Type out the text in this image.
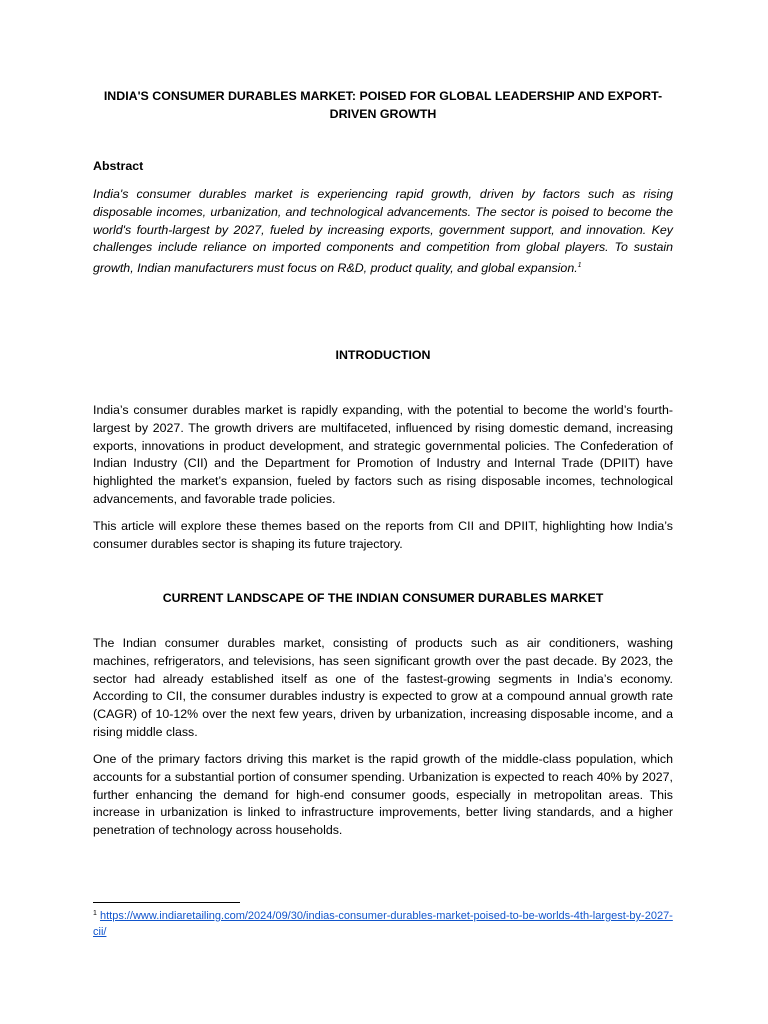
INDIA'S CONSUMER DURABLES MARKET: POISED FOR GLOBAL LEADERSHIP AND EXPORT-DRIVEN GROWTH
Abstract
India's consumer durables market is experiencing rapid growth, driven by factors such as rising disposable incomes, urbanization, and technological advancements. The sector is poised to become the world's fourth-largest by 2027, fueled by increasing exports, government support, and innovation. Key challenges include reliance on imported components and competition from global players. To sustain growth, Indian manufacturers must focus on R&D, product quality, and global expansion.$^1$
INTRODUCTION

India’s consumer durables market is rapidly expanding, with the potential to become the world’s fourth-largest by 2027. The growth drivers are multifaceted, influenced by rising domestic demand, increasing exports, innovations in product development, and strategic governmental policies. The Confederation of Indian Industry (CII) and the Department for Promotion of Industry and Internal Trade (DPIIT) have highlighted the market’s expansion, fueled by factors such as rising disposable incomes, technological advancements, and favorable trade policies.

This article will explore these themes based on the reports from CII and DPIIT, highlighting how India’s consumer durables sector is shaping its future trajectory.

CURRENT LANDSCAPE OF THE INDIAN CONSUMER DURABLES MARKET

The Indian consumer durables market, consisting of products such as air conditioners, washing machines, refrigerators, and televisions, has seen significant growth over the past decade. By 2023, the sector had already established itself as one of the fastest-growing segments in India’s economy. According to CII, the consumer durables industry is expected to grow at a compound annual growth rate (CAGR) of 10-12% over the next few years, driven by urbanization, increasing disposable income, and a rising middle class.

One of the primary factors driving this market is the rapid growth of the middle-class population, which accounts for a substantial portion of consumer spending. Urbanization is expected to reach 40% by 2027, further enhancing the demand for high-end consumer goods, especially in metropolitan areas. This increase in urbanization is linked to infrastructure improvements, better living standards, and a higher penetration of technology across households.

$^1$ https://www.indiaretailing.com/2024/09/30/indias-consumer-durables-market-poised-to-be-worlds-4th-largest-by-2027-cii/
